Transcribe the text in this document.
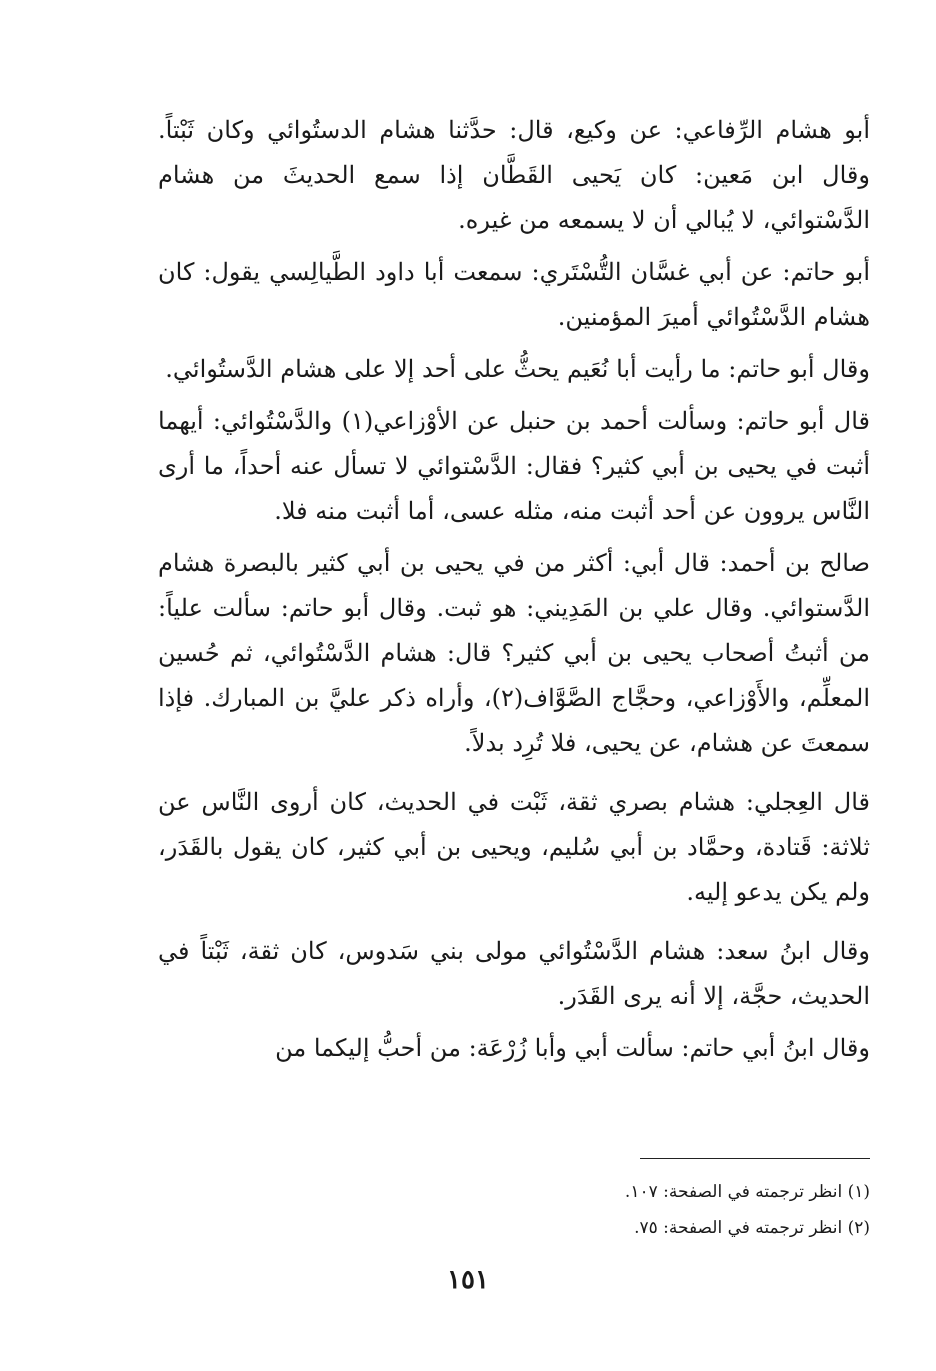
أبو هشام الرِّفاعي: عن وكيع، قال: حدَّثنا هشام الدستُوائي وكان ثَبْتاً. وقال ابن مَعين: كان يَحيى القَطَّان إذا سمع الحديثَ من هشام الدَّسْتوائي، لا يُبالي أن لا يسمعه من غيره.

أبو حاتم: عن أبي غسَّان التُّسْتَري: سمعت أبا داود الطَّيالِسي يقول: كان هشام الدَّسْتُوائي أميرَ المؤمنين.

وقال أبو حاتم: ما رأيت أبا نُعَيم يحثُّ على أحد إلا على هشام الدَّستُوائي.

قال أبو حاتم: وسألت أحمد بن حنبل عن الأوْزاعي(١) والدَّسْتُوائي: أيهما أثبت في يحيى بن أبي كثير؟ فقال: الدَّسْتوائي لا تسأل عنه أحداً، ما أرى النَّاس يروون عن أحد أثبت منه، مثله عسى، أما أثبت منه فلا.

صالح بن أحمد: قال أبي: أكثر من في يحيى بن أبي كثير بالبصرة هشام الدَّستوائي. وقال علي بن المَدِيني: هو ثبت. وقال أبو حاتم: سألت علياً: من أثبتُ أصحاب يحيى بن أبي كثير؟ قال: هشام الدَّسْتُوائي، ثم حُسين المعلِّم، والأَوْزاعي، وحجَّاج الصَّوَّاف(٢)، وأراه ذكر عليَّ بن المبارك. فإذا سمعتَ عن هشام، عن يحيى، فلا تُرِد بدلاً.

قال العِجلي: هشام بصري ثقة، ثَبْت في الحديث، كان أروى النَّاس عن ثلاثة: قَتادة، وحمَّاد بن أبي سُليم، ويحيى بن أبي كثير، كان يقول بالقَدَر، ولم يكن يدعو إليه.

وقال ابنُ سعد: هشام الدَّسْتُوائي مولى بني سَدوس، كان ثقة، ثَبْتاً في الحديث، حجَّة، إلا أنه يرى القَدَر.

وقال ابنُ أبي حاتم: سألت أبي وأبا زُرْعَة: من أحبُّ إليكما من

(١) انظر ترجمته في الصفحة: ١٠٧.

(٢) انظر ترجمته في الصفحة: ٧٥.

١٥١
